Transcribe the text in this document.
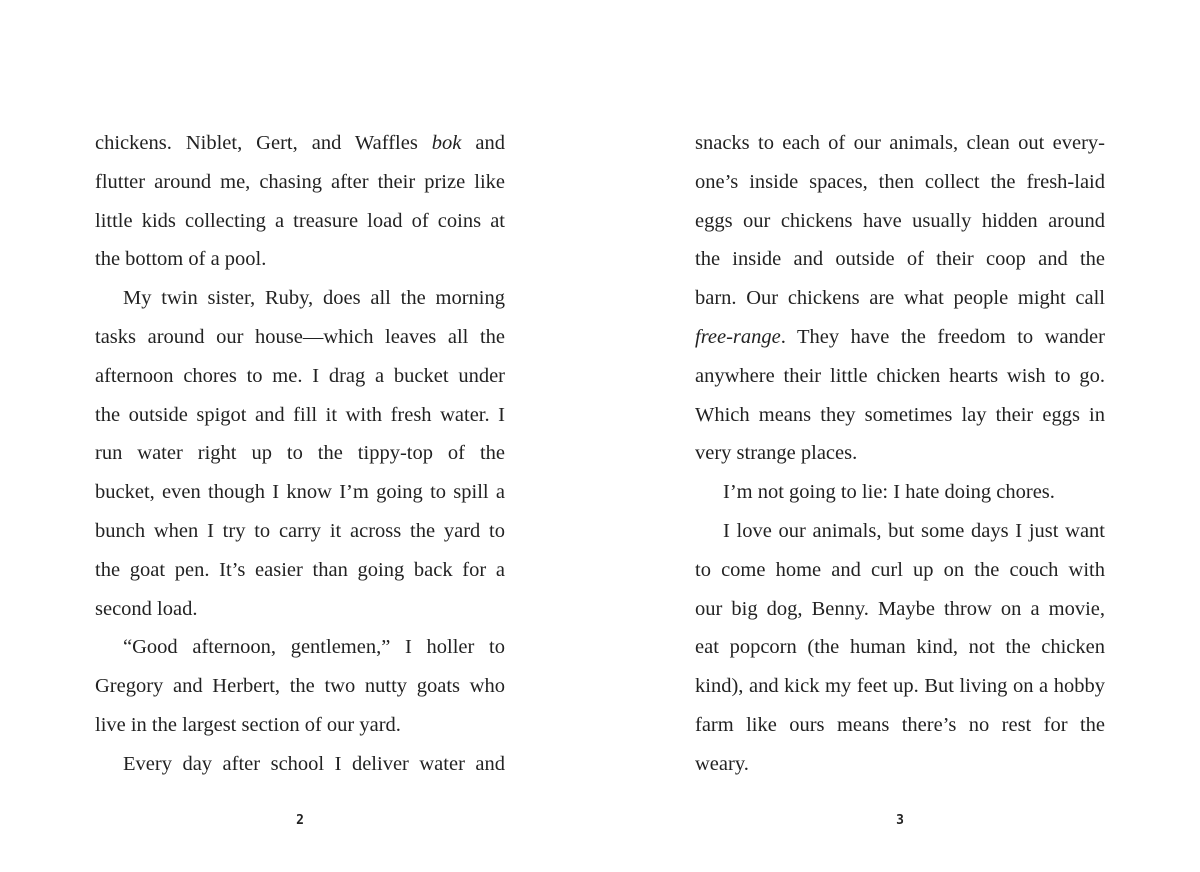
chickens. Niblet, Gert, and Waffles bok and
flutter around me, chasing after their prize like
little kids collecting a treasure load of coins at
the bottom of a pool.
My twin sister, Ruby, does all the morning
tasks around our house—which leaves all the
afternoon chores to me. I drag a bucket under
the outside spigot and fill it with fresh water. I
run water right up to the tippy-top of the
bucket, even though I know I’m going to spill a
bunch when I try to carry it across the yard to
the goat pen. It’s easier than going back for a
second load.
“Good afternoon, gentlemen,” I holler to
Gregory and Herbert, the two nutty goats who
live in the largest section of our yard.
Every day after school I deliver water and
2
snacks to each of our animals, clean out every-
one’s inside spaces, then collect the fresh-laid
eggs our chickens have usually hidden around
the inside and outside of their coop and the
barn. Our chickens are what people might call
free-range. They have the freedom to wander
anywhere their little chicken hearts wish to go.
Which means they sometimes lay their eggs in
very strange places.
I’m not going to lie: I hate doing chores.
I love our animals, but some days I just want
to come home and curl up on the couch with
our big dog, Benny. Maybe throw on a movie,
eat popcorn (the human kind, not the chicken
kind), and kick my feet up. But living on a hobby
farm like ours means there’s no rest for the
weary.
3
